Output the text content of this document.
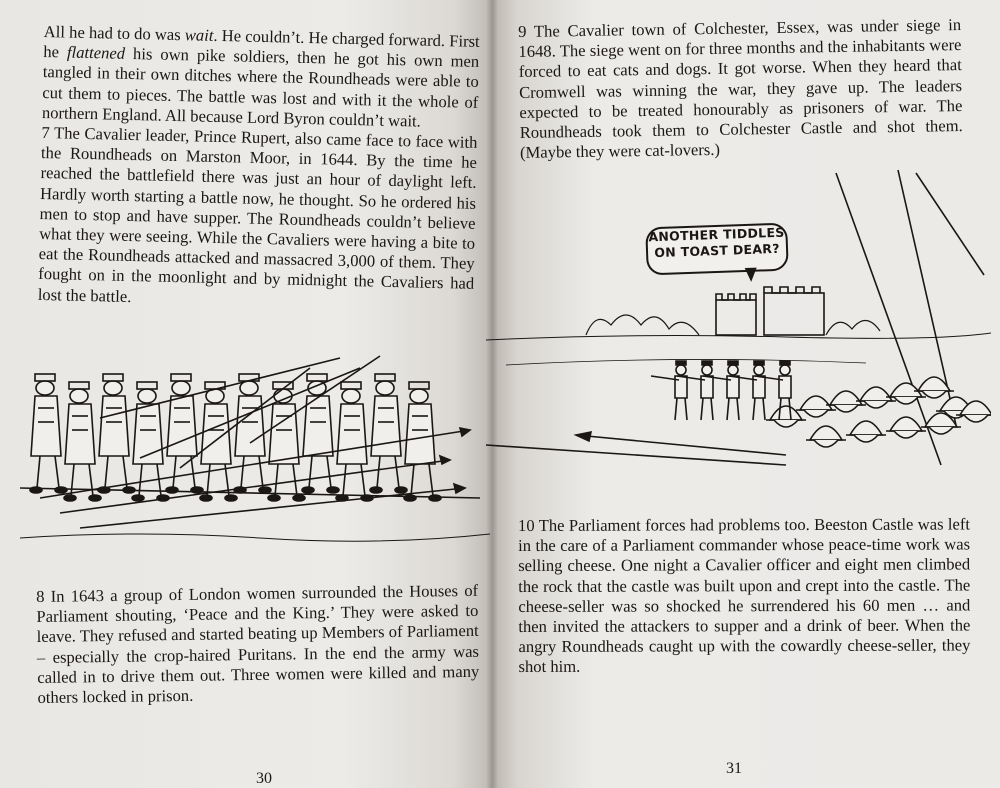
All he had to do was wait. He couldn’t. He charged forward. First he flattened his own pike soldiers, then he got his own men tangled in their own ditches where the Roundheads were able to cut them to pieces. The battle was lost and with it the whole of northern England. All because Lord Byron couldn’t wait.

7 The Cavalier leader, Prince Rupert, also came face to face with the Roundheads on Marston Moor, in 1644. By the time he reached the battlefield there was just an hour of daylight left. Hardly worth starting a battle now, he thought. So he ordered his men to stop and have supper. The Roundheads couldn’t believe what they were seeing. While the Cavaliers were having a bite to eat the Roundheads attacked and massacred 3,000 of them. They fought on in the moonlight and by midnight the Cavaliers had lost the battle.

8 In 1643 a group of London women surrounded the Houses of Parliament shouting, ‘Peace and the King.’ They were asked to leave. They refused and started beating up Members of Parliament – especially the crop-haired Puritans. In the end the army was called in to drive them out. Three women were killed and many others locked in prison.

30

9 The Cavalier town of Colchester, Essex, was under siege in 1648. The siege went on for three months and the inhabitants were forced to eat cats and dogs. It got worse. When they heard that Cromwell was winning the war, they gave up. The leaders expected to be treated honourably as prisoners of war. The Roundheads took them to Colchester Castle and shot them. (Maybe they were cat-lovers.)

ANOTHER TIDDLES
ON TOAST DEAR?

10 The Parliament forces had problems too. Beeston Castle was left in the care of a Parliament commander whose peace-time work was selling cheese. One night a Cavalier officer and eight men climbed the rock that the castle was built upon and crept into the castle. The cheese-seller was so shocked he surrendered his 60 men … and then invited the attackers to supper and a drink of beer. When the angry Roundheads caught up with the cowardly cheese-seller, they shot him.

31
